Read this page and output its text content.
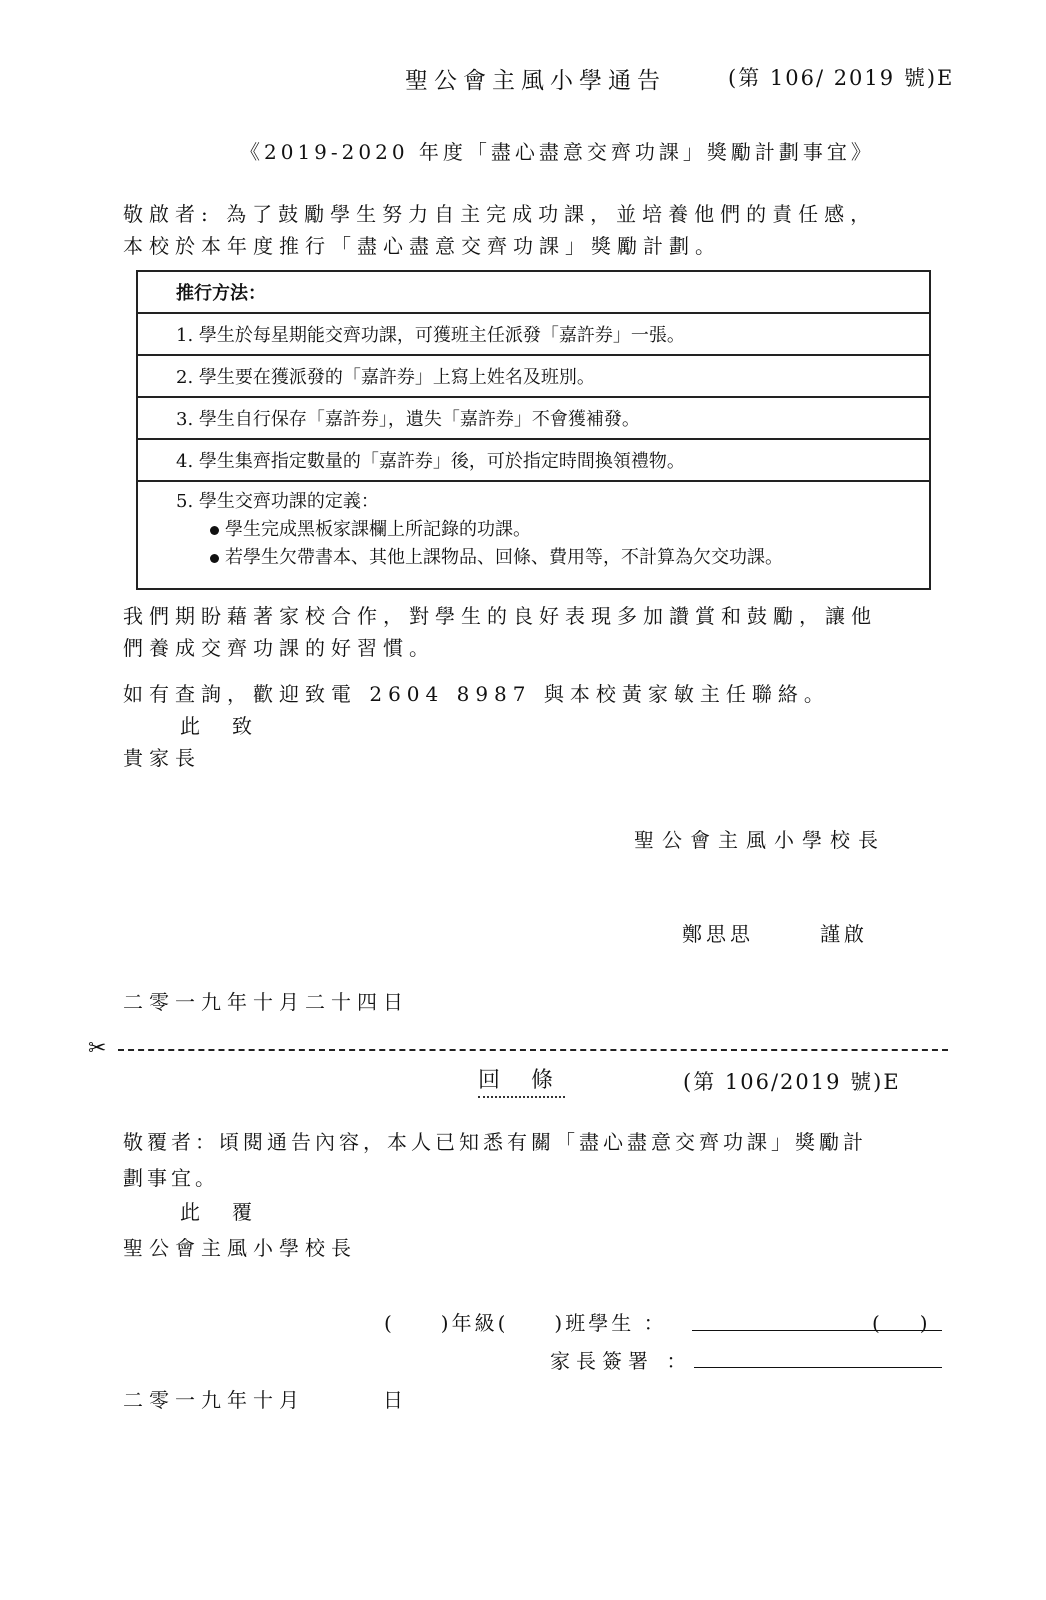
聖公會主風小學通告	(第 106/ 2019 號)E
《2019-2020 年度「盡心盡意交齊功課」獎勵計劃事宜》
敬啟者: 為了鼓勵學生努力自主完成功課，並培養他們的責任感，
本校於本年度推行「盡心盡意交齊功課」獎勵計劃。
推行方法：
1. 學生於每星期能交齊功課，可獲班主任派發「嘉許券」一張。
2. 學生要在獲派發的「嘉許券」上寫上姓名及班別。
3. 學生自行保存「嘉許券」，遺失「嘉許券」不會獲補發。
4. 學生集齊指定數量的「嘉許券」後，可於指定時間換領禮物。
5. 學生交齊功課的定義：
學生完成黑板家課欄上所記錄的功課。
若學生欠帶書本、其他上課物品、回條、費用等，不計算為欠交功課。
我們期盼藉著家校合作，對學生的良好表現多加讚賞和鼓勵，讓他
們養成交齊功課的好習慣。
如有查詢，歡迎致電 2604 8987 與本校黃家敏主任聯絡。
此　致
貴家長
聖公會主風小學校長
鄭思思	謹啟
二零一九年十月二十四日
✂
回 條	(第 106/2019 號)E
敬覆者：頃閱通告內容，本人已知悉有關「盡心盡意交齊功課」獎勵計
劃事宜。
此　覆
聖公會主風小學校長
(　　)年級(　　)班學生 ：	(　　)
家長簽署 ：
二零一九年十月　　　日
